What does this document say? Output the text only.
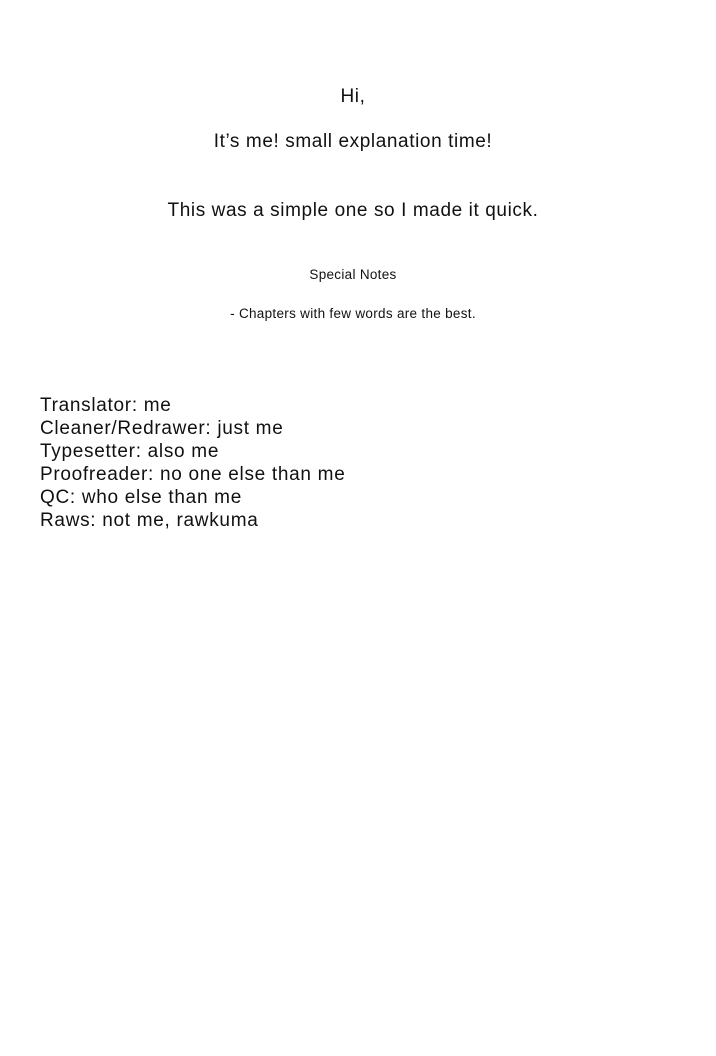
Hi,
It’s me! small explanation time!
This was a simple one so I made it quick.
Special Notes
- Chapters with few words are the best.
Translator: me
Cleaner/Redrawer: just me
Typesetter: also me
Proofreader: no one else than me
QC: who else than me
Raws: not me, rawkuma
